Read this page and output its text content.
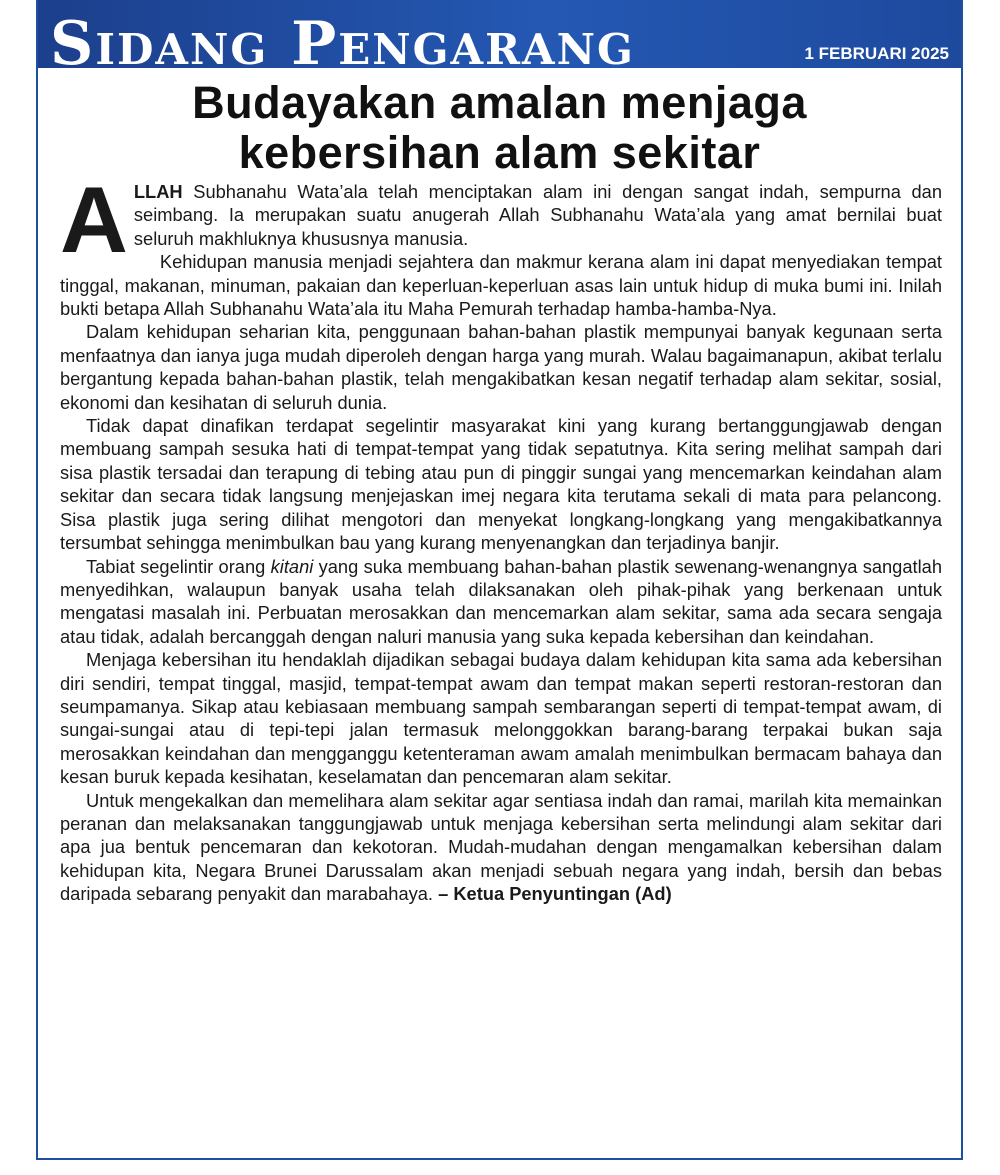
Sidang Pengarang	1 FEBRUARI 2025
Budayakan amalan menjaga
kebersihan alam sekitar

ALLAH Subhanahu Wata’ala telah menciptakan alam ini dengan sangat indah, sempurna dan seimbang. Ia merupakan suatu anugerah Allah Subhanahu Wata’ala yang amat bernilai buat seluruh makhluknya khususnya manusia.

Kehidupan manusia menjadi sejahtera dan makmur kerana alam ini dapat menyediakan tempat tinggal, makanan, minuman, pakaian dan keperluan-keperluan asas lain untuk hidup di muka bumi ini. Inilah bukti betapa Allah Subhanahu Wata’ala itu Maha Pemurah terhadap hamba-hamba-Nya.

Dalam kehidupan seharian kita, penggunaan bahan-bahan plastik mempunyai banyak kegunaan serta menfaatnya dan ianya juga mudah diperoleh dengan harga yang murah. Walau bagaimanapun, akibat terlalu bergantung kepada bahan-bahan plastik, telah mengakibatkan kesan negatif terhadap alam sekitar, sosial, ekonomi dan kesihatan di seluruh dunia.

Tidak dapat dinafikan terdapat segelintir masyarakat kini yang kurang bertanggungjawab dengan membuang sampah sesuka hati di tempat-tempat yang tidak sepatutnya. Kita sering melihat sampah dari sisa plastik tersadai dan terapung di tebing atau pun di pinggir sungai yang mencemarkan keindahan alam sekitar dan secara tidak langsung menjejaskan imej negara kita terutama sekali di mata para pelancong. Sisa plastik juga sering dilihat mengotori dan menyekat longkang-longkang yang mengakibatkannya tersumbat sehingga menimbulkan bau yang kurang menyenangkan dan terjadinya banjir.

Tabiat segelintir orang kitani yang suka membuang bahan-bahan plastik sewenang-wenangnya sangatlah menyedihkan, walaupun banyak usaha telah dilaksanakan oleh pihak-pihak yang berkenaan untuk mengatasi masalah ini. Perbuatan merosakkan dan mencemarkan alam sekitar, sama ada secara sengaja atau tidak, adalah bercanggah dengan naluri manusia yang suka kepada kebersihan dan keindahan.

Menjaga kebersihan itu hendaklah dijadikan sebagai budaya dalam kehidupan kita sama ada kebersihan diri sendiri, tempat tinggal, masjid, tempat-tempat awam dan tempat makan seperti restoran-restoran dan seumpamanya. Sikap atau kebiasaan membuang sampah sembarangan seperti di tempat-tempat awam, di sungai-sungai atau di tepi-tepi jalan termasuk melonggokkan barang-barang terpakai bukan saja merosakkan keindahan dan mengganggu ketenteraman awam amalah menimbulkan bermacam bahaya dan kesan buruk kepada kesihatan, keselamatan dan pencemaran alam sekitar.

Untuk mengekalkan dan memelihara alam sekitar agar sentiasa indah dan ramai, marilah kita memainkan peranan dan melaksanakan tanggungjawab untuk menjaga kebersihan serta melindungi alam sekitar dari apa jua bentuk pencemaran dan kekotoran. Mudah-mudahan dengan mengamalkan kebersihan dalam kehidupan kita, Negara Brunei Darussalam akan menjadi sebuah negara yang indah, bersih dan bebas daripada sebarang penyakit dan marabahaya. – Ketua Penyuntingan (Ad)
